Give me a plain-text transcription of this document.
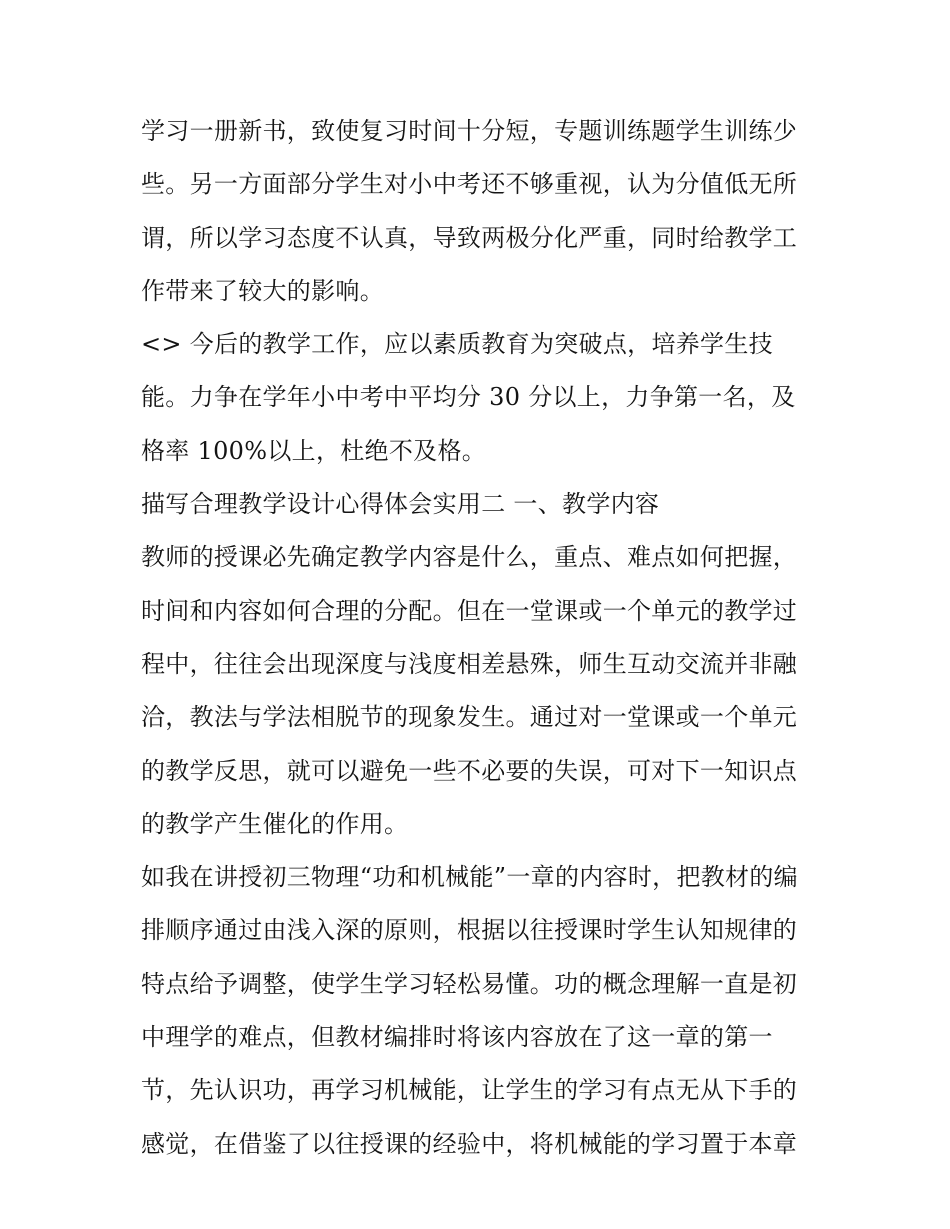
学习一册新书，致使复习时间十分短，专题训练题学生训练少
些。另一方面部分学生对小中考还不够重视，认为分值低无所
谓，所以学习态度不认真，导致两极分化严重，同时给教学工
作带来了较大的影响。
<> 今后的教学工作，应以素质教育为突破点，培养学生技
能。力争在学年小中考中平均分 30 分以上，力争第一名，及
格率 100%以上，杜绝不及格。
描写合理教学设计心得体会实用二 一、教学内容
教师的授课必先确定教学内容是什么，重点、难点如何把握，
时间和内容如何合理的分配。但在一堂课或一个单元的教学过
程中，往往会出现深度与浅度相差悬殊，师生互动交流并非融
洽，教法与学法相脱节的现象发生。通过对一堂课或一个单元
的教学反思，就可以避免一些不必要的失误，可对下一知识点
的教学产生催化的作用。
如我在讲授初三物理“功和机械能”一章的内容时，把教材的编
排顺序通过由浅入深的原则，根据以往授课时学生认知规律的
特点给予调整，使学生学习轻松易懂。功的概念理解一直是初
中理学的难点，但教材编排时将该内容放在了这一章的第一
节，先认识功，再学习机械能，让学生的学习有点无从下手的
感觉，在借鉴了以往授课的经验中，将机械能的学习置于本章
